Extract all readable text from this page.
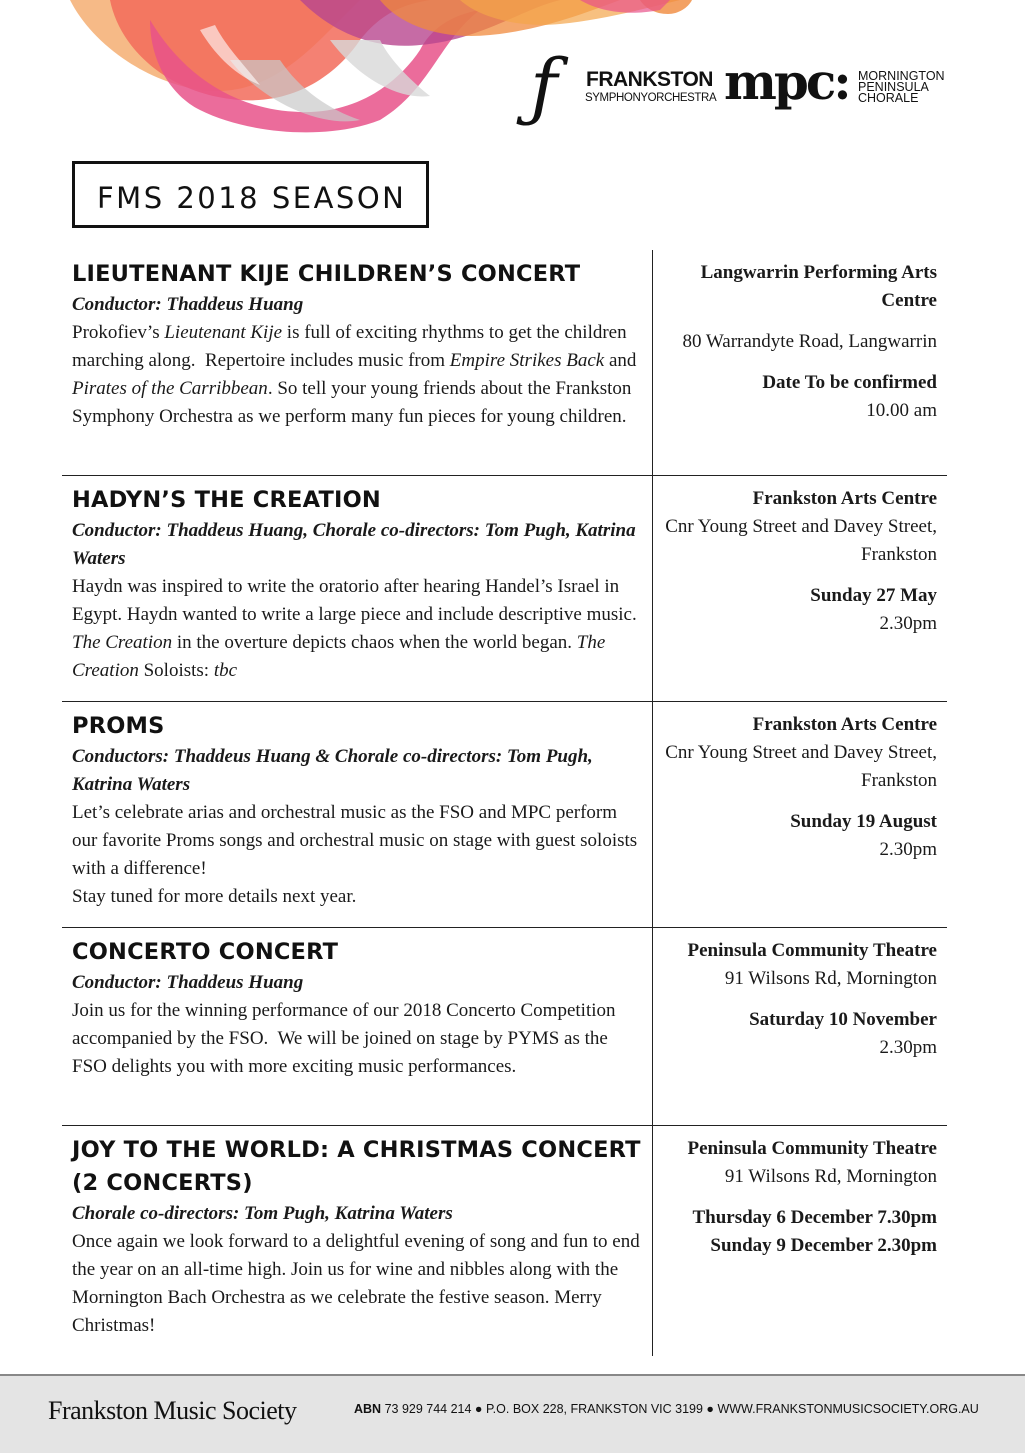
ƒ FRANKSTON
SYMPHONYORCHESTRA mpc: MORNINGTON
PENINSULA
CHORALE
FMS 2018 SEASON

LIEUTENANT KIJE CHILDREN’S CONCERT

Conductor: Thaddeus Huang

Prokofiev’s Lieutenant Kije is full of exciting rhythms to get the children marching along.  Repertoire includes music from Empire Strikes Back and Pirates of the Carribbean. So tell your young friends about the Frankston Symphony Orchestra as we perform many fun pieces for young children.

Langwarrin Performing Arts Centre

80 Warrandyte Road, Langwarrin

Date To be confirmed

10.00 am

HADYN’S THE CREATION

Conductor: Thaddeus Huang, Chorale co-directors: Tom Pugh, Katrina Waters

Haydn was inspired to write the oratorio after hearing Handel’s Israel in Egypt. Haydn wanted to write a large piece and include descriptive music. The Creation in the overture depicts chaos when the world began. The Creation Soloists: tbc

Frankston Arts Centre

Cnr Young Street and Davey Street, Frankston

Sunday 27 May

2.30pm

PROMS

Conductors: Thaddeus Huang & Chorale co-directors: Tom Pugh, Katrina Waters

Let’s celebrate arias and orchestral music as the FSO and MPC perform our favorite Proms songs and orchestral music on stage with guest soloists with a difference!
Stay tuned for more details next year.

Frankston Arts Centre

Cnr Young Street and Davey Street, Frankston

Sunday 19 August

2.30pm

CONCERTO CONCERT

Conductor: Thaddeus Huang

Join us for the winning performance of our 2018 Concerto Competition accompanied by the FSO.  We will be joined on stage by PYMS as the FSO delights you with more exciting music performances.

Peninsula Community Theatre

91 Wilsons Rd, Mornington

Saturday 10 November

2.30pm

JOY TO THE WORLD: A CHRISTMAS CONCERT (2 CONCERTS)

Chorale co-directors: Tom Pugh, Katrina Waters

Once again we look forward to a delightful evening of song and fun to end the year on an all-time high. Join us for wine and nibbles along with the Mornington Bach Orchestra as we celebrate the festive season. Merry Christmas!

Peninsula Community Theatre

91 Wilsons Rd, Mornington

Thursday 6 December 7.30pm

Sunday 9 December 2.30pm

Frankston Music Society	ABN 73 929 744 214 ● P.O. BOX 228, FRANKSTON VIC 3199 ● WWW.FRANKSTONMUSICSOCIETY.ORG.AU
